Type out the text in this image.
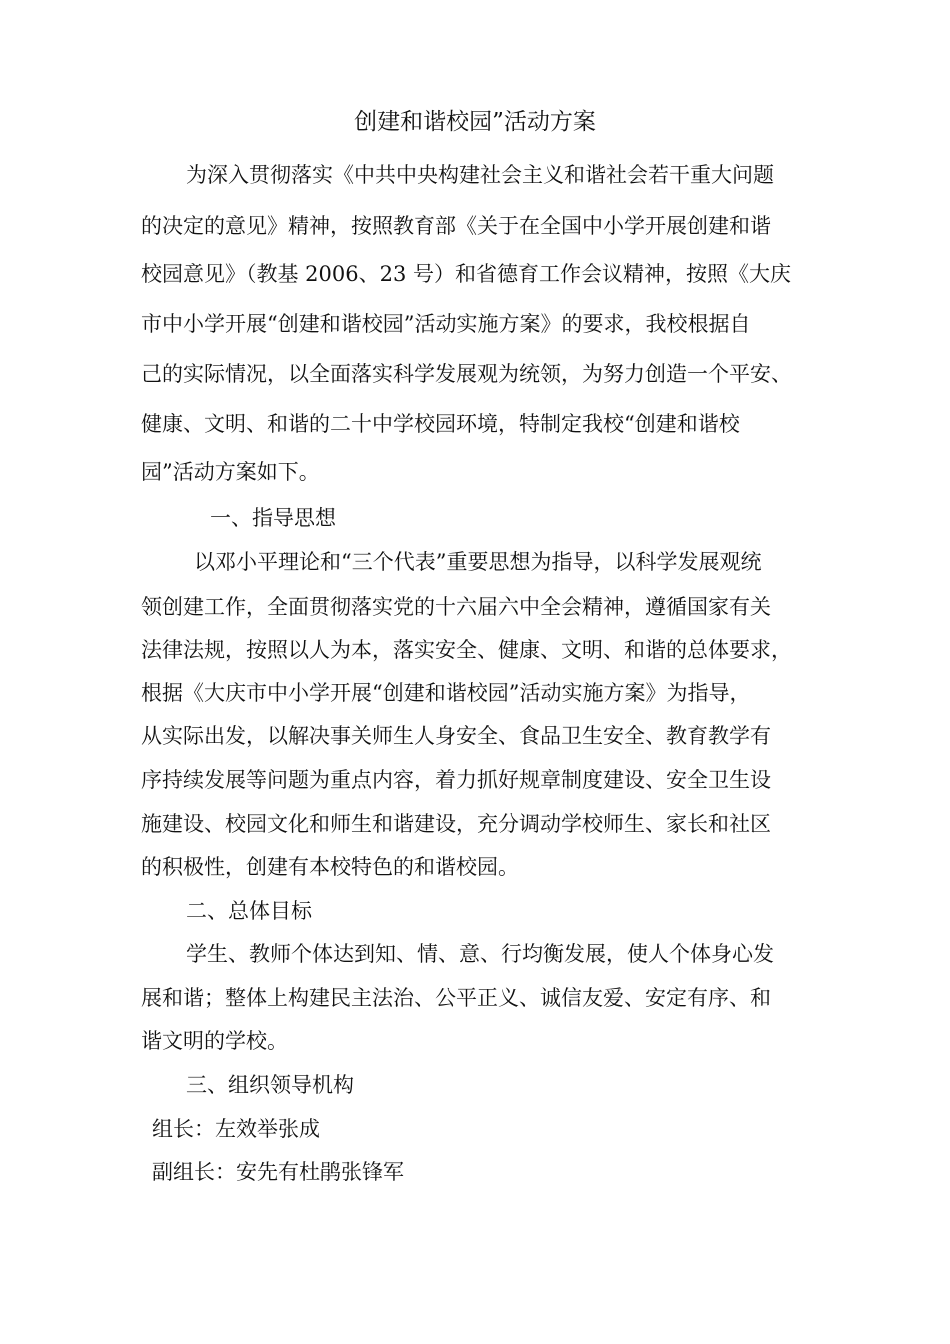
创建和谐校园”活动方案
为深入贯彻落实《中共中央构建社会主义和谐社会若干重大问题
的决定的意见》精神，按照教育部《关于在全国中小学开展创建和谐
校园意见》（教基 2006、23 号）和省德育工作会议精神，按照《大庆
市中小学开展“创建和谐校园”活动实施方案》的要求，我校根据自
己的实际情况，以全面落实科学发展观为统领，为努力创造一个平安、
健康、文明、和谐的二十中学校园环境，特制定我校“创建和谐校
园”活动方案如下。
一、指导思想
以邓小平理论和“三个代表”重要思想为指导，以科学发展观统
领创建工作，全面贯彻落实党的十六届六中全会精神，遵循国家有关
法律法规，按照以人为本，落实安全、健康、文明、和谐的总体要求，
根据《大庆市中小学开展“创建和谐校园”活动实施方案》为指导，
从实际出发，以解决事关师生人身安全、食品卫生安全、教育教学有
序持续发展等问题为重点内容，着力抓好规章制度建设、安全卫生设
施建设、校园文化和师生和谐建设，充分调动学校师生、家长和社区
的积极性，创建有本校特色的和谐校园。
二、总体目标
学生、教师个体达到知、情、意、行均衡发展，使人个体身心发
展和谐；整体上构建民主法治、公平正义、诚信友爱、安定有序、和
谐文明的学校。
三、组织领导机构
组长：左效举张成
副组长：安先有杜鹃张锋军
